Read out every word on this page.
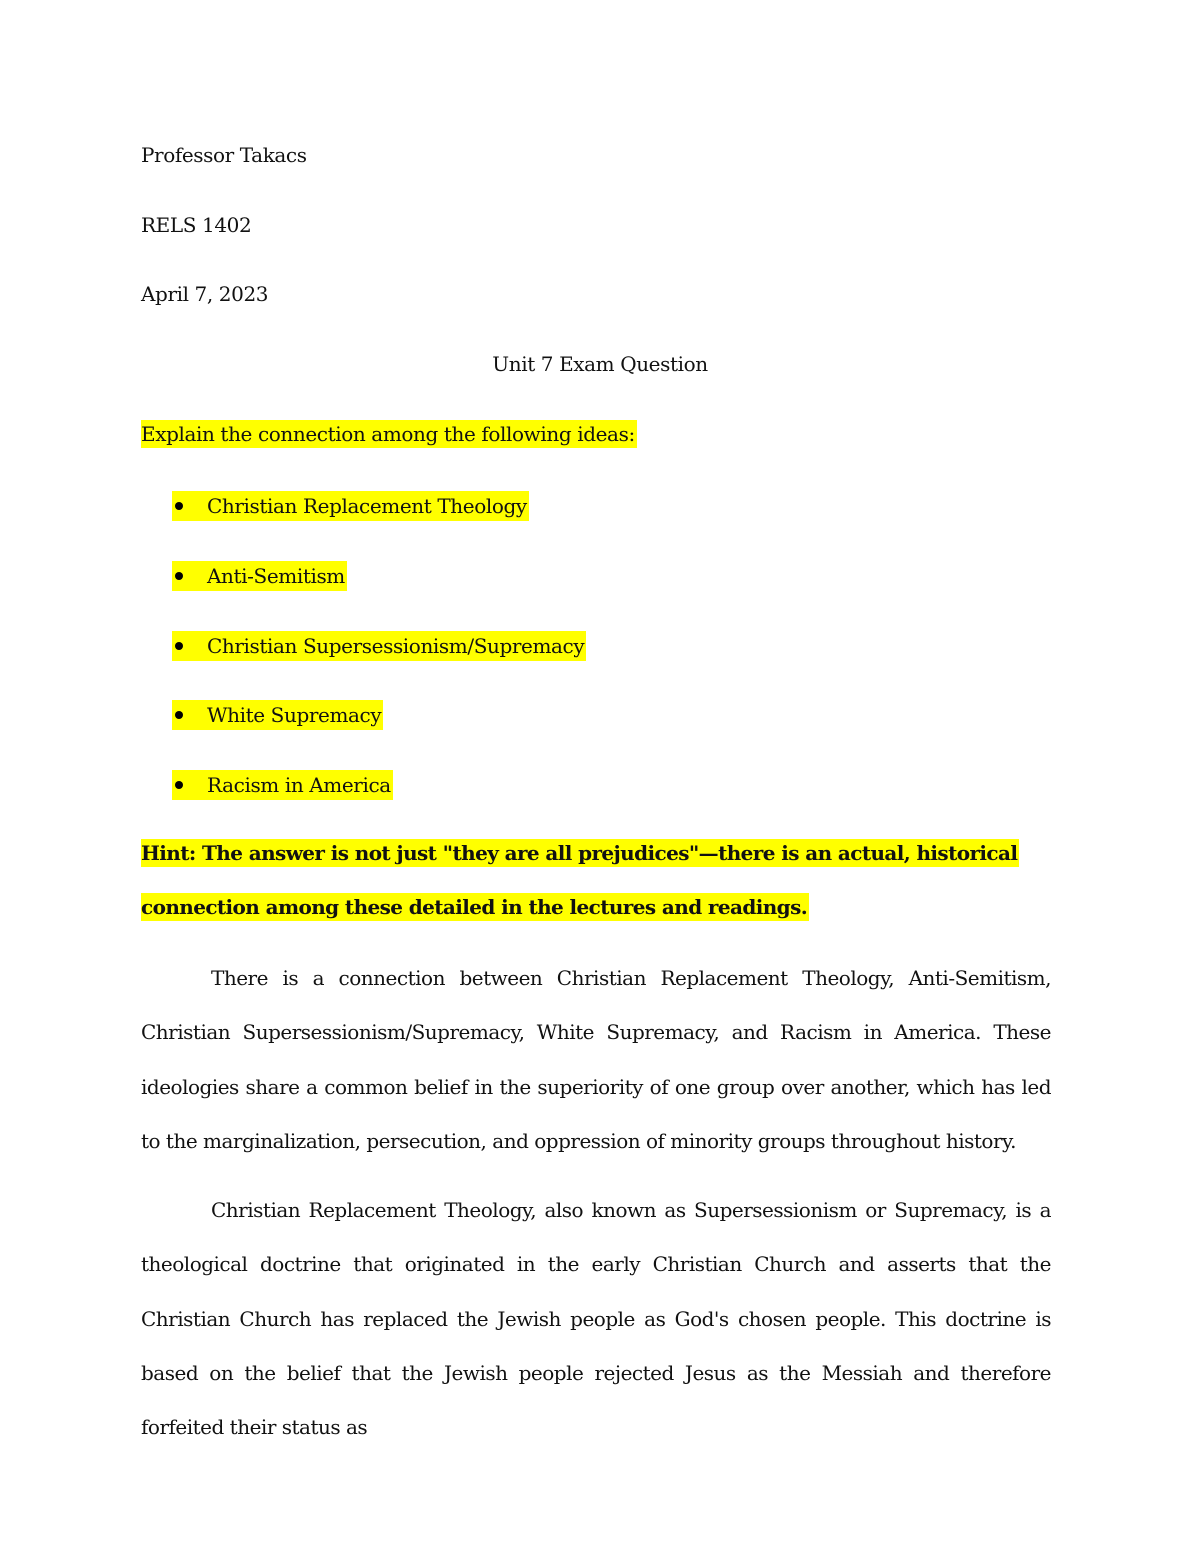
Professor Takacs
RELS 1402
April 7, 2023
Unit 7 Exam Question
Explain the connection among the following ideas:
Christian Replacement Theology
Anti-Semitism
Christian Supersessionism/Supremacy
White Supremacy
Racism in America
Hint: The answer is not just "they are all prejudices"—there is an actual, historical
connection among these detailed in the lectures and readings.
There is a connection between Christian Replacement Theology, Anti-Semitism, Christian Supersessionism/Supremacy, White Supremacy, and Racism in America. These ideologies share a common belief in the superiority of one group over another, which has led to the marginalization, persecution, and oppression of minority groups throughout history.
Christian Replacement Theology, also known as Supersessionism or Supremacy, is a theological doctrine that originated in the early Christian Church and asserts that the Christian Church has replaced the Jewish people as God's chosen people. This doctrine is based on the belief that the Jewish people rejected Jesus as the Messiah and therefore forfeited their status as
